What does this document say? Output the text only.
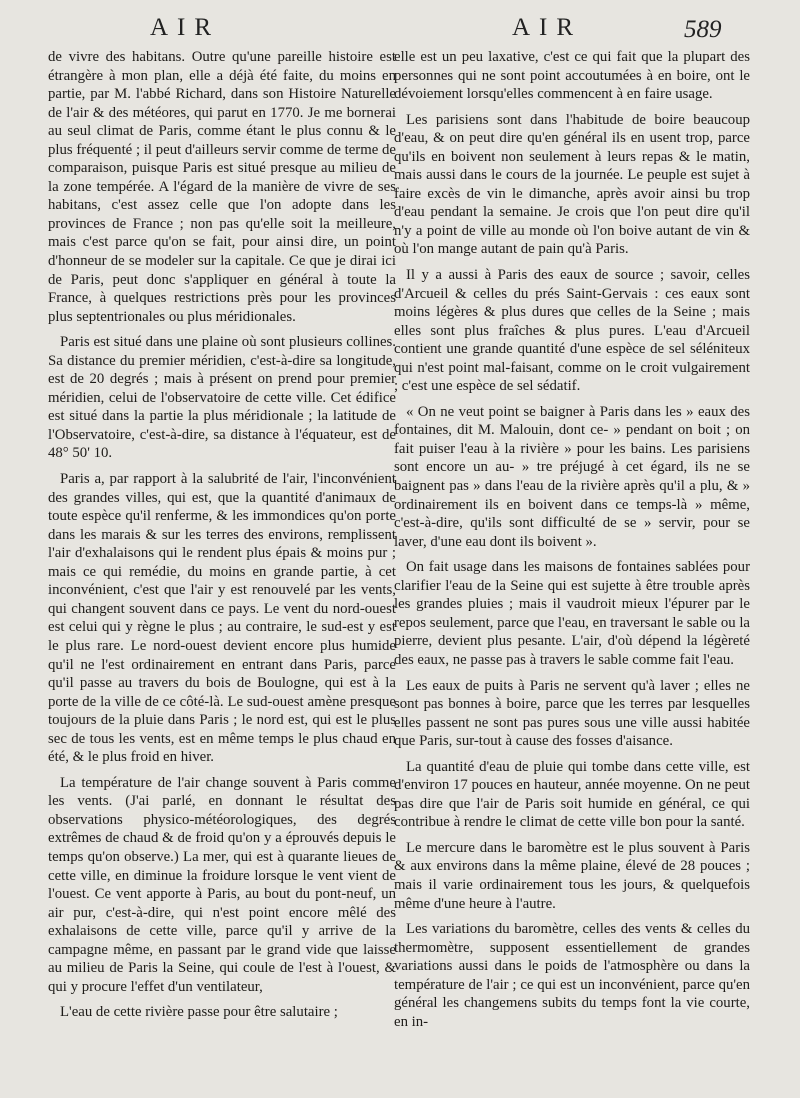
AIR	AIR	589

de vivre des habitans. Outre qu'une pareille histoire est étrangère à mon plan, elle a déjà été faite, du moins en partie, par M. l'abbé Richard, dans son Histoire Naturelle de l'air & des météores, qui parut en 1770. Je me bornerai au seul climat de Paris, comme étant le plus connu & le plus fréquenté ; il peut d'ailleurs servir comme de terme de comparaison, puisque Paris est situé presque au milieu de la zone tempérée. A l'égard de la manière de vivre de ses habitans, c'est assez celle que l'on adopte dans les provinces de France ; non pas qu'elle soit la meilleure, mais c'est parce qu'on se fait, pour ainsi dire, un point d'honneur de se modeler sur la capitale. Ce que je dirai ici de Paris, peut donc s'appliquer en général à toute la France, à quelques restrictions près pour les provinces plus septentrionales ou plus méridionales.

Paris est situé dans une plaine où sont plusieurs collines. Sa distance du premier méridien, c'est-à-dire sa longitude, est de 20 degrés ; mais à présent on prend pour premier méridien, celui de l'observatoire de cette ville. Cet édifice est situé dans la partie la plus méridionale ; la latitude de l'Observatoire, c'est-à-dire, sa distance à l'équateur, est de 48° 50' 10.

Paris a, par rapport à la salubrité de l'air, l'inconvénient des grandes villes, qui est, que la quantité d'animaux de toute espèce qu'il renferme, & les immondices qu'on porte dans les marais & sur les terres des environs, remplissent l'air d'exhalaisons qui le rendent plus épais & moins pur ; mais ce qui remédie, du moins en grande partie, à cet inconvénient, c'est que l'air y est renouvelé par les vents, qui changent souvent dans ce pays. Le vent du nord-ouest est celui qui y règne le plus ; au contraire, le sud-est y est le plus rare. Le nord-ouest devient encore plus humide qu'il ne l'est ordinairement en entrant dans Paris, parce qu'il passe au travers du bois de Boulogne, qui est à la porte de la ville de ce côté-là. Le sud-ouest amène presque toujours de la pluie dans Paris ; le nord est, qui est le plus sec de tous les vents, est en même temps le plus chaud en été, & le plus froid en hiver.

La température de l'air change souvent à Paris comme les vents. (J'ai parlé, en donnant le résultat des observations physico-météorologiques, des degrés extrêmes de chaud & de froid qu'on y a éprouvés depuis le temps qu'on observe.) La mer, qui est à quarante lieues de cette ville, en diminue la froidure lorsque le vent vient de l'ouest. Ce vent apporte à Paris, au bout du pont-neuf, un air pur, c'est-à-dire, qui n'est point encore mêlé des exhalaisons de cette ville, parce qu'il y arrive de la campagne même, en passant par le grand vide que laisse au milieu de Paris la Seine, qui coule de l'est à l'ouest, & qui y procure l'effet d'un ventilateur,

L'eau de cette rivière passe pour être salutaire ;

elle est un peu laxative, c'est ce qui fait que la plupart des personnes qui ne sont point accoutumées à en boire, ont le dévoiement lorsqu'elles commencent à en faire usage.

Les parisiens sont dans l'habitude de boire beaucoup d'eau, & on peut dire qu'en général ils en usent trop, parce qu'ils en boivent non seulement à leurs repas & le matin, mais aussi dans le cours de la journée. Le peuple est sujet à faire excès de vin le dimanche, après avoir ainsi bu trop d'eau pendant la semaine. Je crois que l'on peut dire qu'il n'y a point de ville au monde où l'on boive autant de vin & où l'on mange autant de pain qu'à Paris.

Il y a aussi à Paris des eaux de source ; savoir, celles d'Arcueil & celles du prés Saint-Gervais : ces eaux sont moins légères & plus dures que celles de la Seine ; mais elles sont plus fraîches & plus pures. L'eau d'Arcueil contient une grande quantité d'une espèce de sel séléniteux qui n'est point mal-faisant, comme on le croit vulgairement ; c'est une espèce de sel sédatif.

« On ne veut point se baigner à Paris dans les » eaux des fontaines, dit M. Malouin, dont ce- » pendant on boit ; on fait puiser l'eau à la rivière » pour les bains. Les parisiens sont encore un au- » tre préjugé à cet égard, ils ne se baignent pas » dans l'eau de la rivière après qu'il a plu, & » ordinairement ils en boivent dans ce temps-là » même, c'est-à-dire, qu'ils sont difficulté de se » servir, pour se laver, d'une eau dont ils boivent ».

On fait usage dans les maisons de fontaines sablées pour clarifier l'eau de la Seine qui est sujette à être trouble après les grandes pluies ; mais il vaudroit mieux l'épurer par le repos seulement, parce que l'eau, en traversant le sable ou la pierre, devient plus pesante. L'air, d'où dépend la légèreté des eaux, ne passe pas à travers le sable comme fait l'eau.

Les eaux de puits à Paris ne servent qu'à laver ; elles ne sont pas bonnes à boire, parce que les terres par lesquelles elles passent ne sont pas pures sous une ville aussi habitée que Paris, sur-tout à cause des fosses d'aisance.

La quantité d'eau de pluie qui tombe dans cette ville, est d'environ 17 pouces en hauteur, année moyenne. On ne peut pas dire que l'air de Paris soit humide en général, ce qui contribue à rendre le climat de cette ville bon pour la santé.

Le mercure dans le baromètre est le plus souvent à Paris & aux environs dans la même plaine, élevé de 28 pouces ; mais il varie ordinairement tous les jours, & quelquefois même d'une heure à l'autre.

Les variations du baromètre, celles des vents & celles du thermomètre, supposent essentiellement de grandes variations aussi dans le poids de l'atmosphère ou dans la température de l'air ; ce qui est un inconvénient, parce qu'en général les changemens subits du temps font la vie courte, en in-
